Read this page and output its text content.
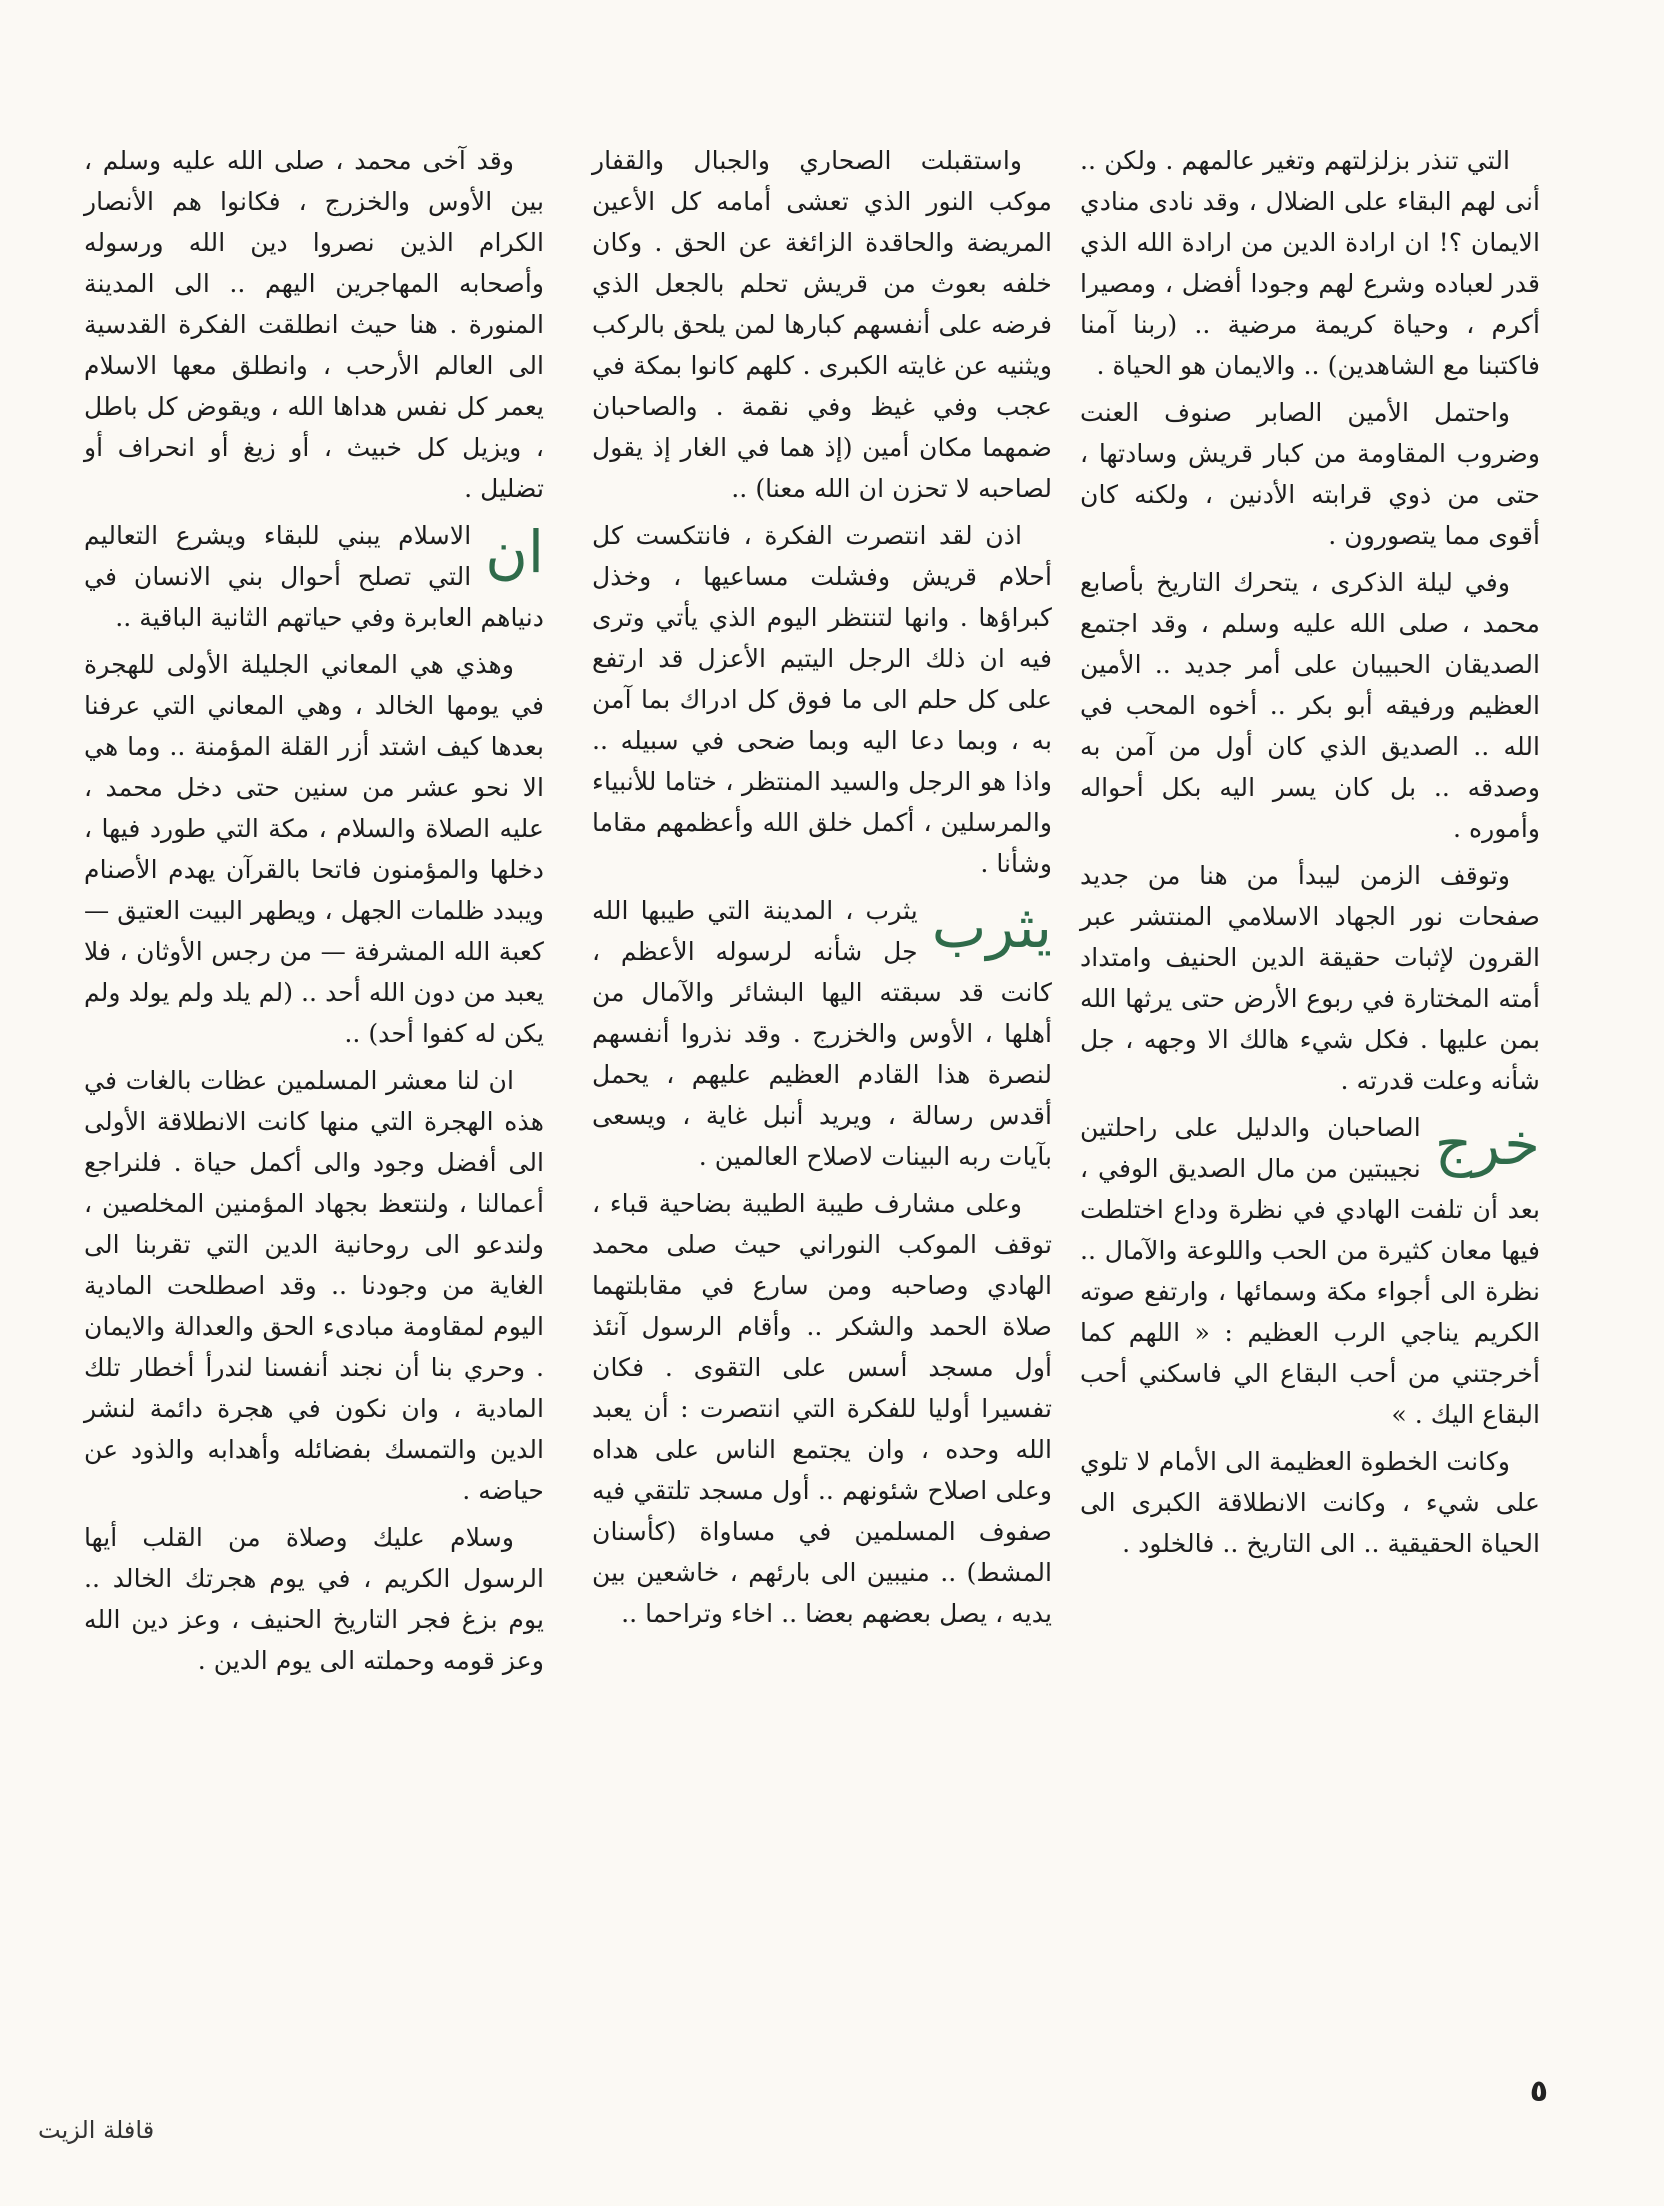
التي تنذر بزلزلتهم وتغير عالمهم . ولكن .. أنى لهم البقاء على الضلال ، وقد نادى منادي الايمان ؟! ان ارادة الدين من ارادة الله الذي قدر لعباده وشرع لهم وجودا أفضل ، ومصيرا أكرم ، وحياة كريمة مرضية .. (ربنا آمنا فاكتبنا مع الشاهدين) .. والايمان هو الحياة .

واحتمل الأمين الصابر صنوف العنت وضروب المقاومة من كبار قريش وسادتها ، حتى من ذوي قرابته الأدنين ، ولكنه كان أقوى مما يتصورون .

وفي ليلة الذكرى ، يتحرك التاريخ بأصابع محمد ، صلى الله عليه وسلم ، وقد اجتمع الصديقان الحبيبان على أمر جديد .. الأمين العظيم ورفيقه أبو بكر .. أخوه المحب في الله .. الصديق الذي كان أول من آمن به وصدقه .. بل كان يسر اليه بكل أحواله وأموره .

وتوقف الزمن ليبدأ من هنا من جديد صفحات نور الجهاد الاسلامي المنتشر عبر القرون لإثبات حقيقة الدين الحنيف وامتداد أمته المختارة في ربوع الأرض حتى يرثها الله بمن عليها . فكل شيء هالك الا وجهه ، جل شأنه وعلت قدرته .

خرج

الصاحبان والدليل على راحلتين نجيبتين من مال الصديق الوفي ، بعد أن تلفت الهادي في نظرة وداع اختلطت فيها معان كثيرة من الحب واللوعة والآمال .. نظرة الى أجواء مكة وسمائها ، وارتفع صوته الكريم يناجي الرب العظيم : « اللهم كما أخرجتني من أحب البقاع الي فاسكني أحب البقاع اليك . »

وكانت الخطوة العظيمة الى الأمام لا تلوي على شيء ، وكانت الانطلاقة الكبرى الى الحياة الحقيقية .. الى التاريخ .. فالخلود .

واستقبلت الصحاري والجبال والقفار موكب النور الذي تعشى أمامه كل الأعين المريضة والحاقدة الزائغة عن الحق . وكان خلفه بعوث من قريش تحلم بالجعل الذي فرضه على أنفسهم كبارها لمن يلحق بالركب ويثنيه عن غايته الكبرى . كلهم كانوا بمكة في عجب وفي غيظ وفي نقمة . والصاحبان ضمهما مكان أمين (إذ هما في الغار إذ يقول لصاحبه لا تحزن ان الله معنا) ..

اذن لقد انتصرت الفكرة ، فانتكست كل أحلام قريش وفشلت مساعيها ، وخذل كبراؤها . وانها لتنتظر اليوم الذي يأتي وترى فيه ان ذلك الرجل اليتيم الأعزل قد ارتفع على كل حلم الى ما فوق كل ادراك بما آمن به ، وبما دعا اليه وبما ضحى في سبيله .. واذا هو الرجل والسيد المنتظر ، ختاما للأنبياء والمرسلين ، أكمل خلق الله وأعظمهم مقاما وشأنا .

يثرب

يثرب ، المدينة التي طيبها الله جل شأنه لرسوله الأعظم ، كانت قد سبقته اليها البشائر والآمال من أهلها ، الأوس والخزرج . وقد نذروا أنفسهم لنصرة هذا القادم العظيم عليهم ، يحمل أقدس رسالة ، ويريد أنبل غاية ، ويسعى بآيات ربه البينات لاصلاح العالمين .

وعلى مشارف طيبة الطيبة بضاحية قباء ، توقف الموكب النوراني حيث صلى محمد الهادي وصاحبه ومن سارع في مقابلتهما صلاة الحمد والشكر .. وأقام الرسول آنئذ أول مسجد أسس على التقوى . فكان تفسيرا أوليا للفكرة التي انتصرت : أن يعبد الله وحده ، وان يجتمع الناس على هداه وعلى اصلاح شئونهم .. أول مسجد تلتقي فيه صفوف المسلمين في مساواة (كأسنان المشط) .. منيبين الى بارئهم ، خاشعين بين يديه ، يصل بعضهم بعضا .. اخاء وتراحما ..

وقد آخى محمد ، صلى الله عليه وسلم ، بين الأوس والخزرج ، فكانوا هم الأنصار الكرام الذين نصروا دين الله ورسوله وأصحابه المهاجرين اليهم .. الى المدينة المنورة . هنا حيث انطلقت الفكرة القدسية الى العالم الأرحب ، وانطلق معها الاسلام يعمر كل نفس هداها الله ، ويقوض كل باطل ، ويزيل كل خبيث ، أو زيغ أو انحراف أو تضليل .

ان

الاسلام يبني للبقاء ويشرع التعاليم التي تصلح أحوال بني الانسان في دنياهم العابرة وفي حياتهم الثانية الباقية ..

وهذي هي المعاني الجليلة الأولى للهجرة في يومها الخالد ، وهي المعاني التي عرفنا بعدها كيف اشتد أزر القلة المؤمنة .. وما هي الا نحو عشر من سنين حتى دخل محمد ، عليه الصلاة والسلام ، مكة التي طورد فيها ، دخلها والمؤمنون فاتحا بالقرآن يهدم الأصنام ويبدد ظلمات الجهل ، ويطهر البيت العتيق — كعبة الله المشرفة — من رجس الأوثان ، فلا يعبد من دون الله أحد .. (لم يلد ولم يولد ولم يكن له كفوا أحد) ..

ان لنا معشر المسلمين عظات بالغات في هذه الهجرة التي منها كانت الانطلاقة الأولى الى أفضل وجود والى أكمل حياة . فلنراجع أعمالنا ، ولنتعظ بجهاد المؤمنين المخلصين ، ولندعو الى روحانية الدين التي تقربنا الى الغاية من وجودنا .. وقد اصطلحت المادية اليوم لمقاومة مبادىء الحق والعدالة والايمان . وحري بنا أن نجند أنفسنا لندرأ أخطار تلك المادية ، وان نكون في هجرة دائمة لنشر الدين والتمسك بفضائله وأهدابه والذود عن حياضه .

وسلام عليك وصلاة من القلب أيها الرسول الكريم ، في يوم هجرتك الخالد .. يوم بزغ فجر التاريخ الحنيف ، وعز دين الله وعز قومه وحملته الى يوم الدين .

٥
قافلة الزيت
